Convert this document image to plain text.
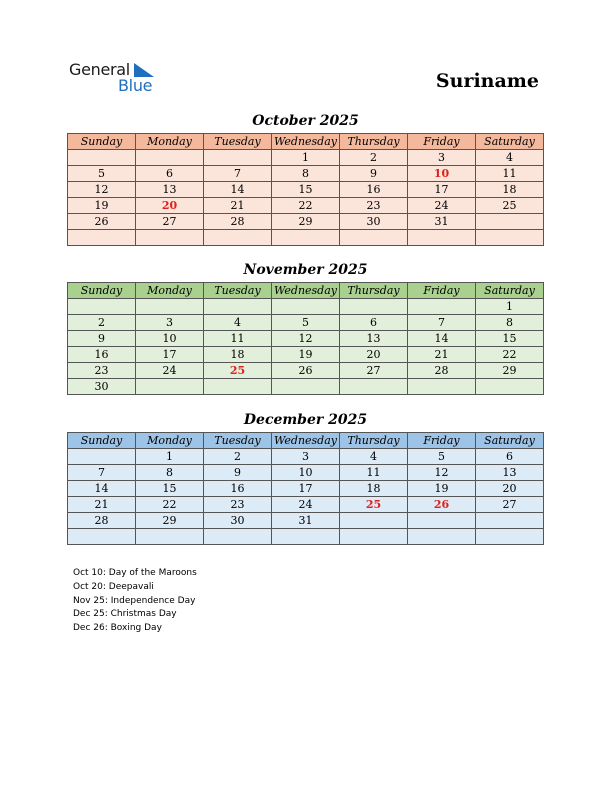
General
Blue	Suriname
October 2025
Sunday	Monday	Tuesday	Wednesday	Thursday	Friday	Saturday
			1	2	3	4
5	6	7	8	9	10	11
12	13	14	15	16	17	18
19	20	21	22	23	24	25
26	27	28	29	30	31	

November 2025
Sunday	Monday	Tuesday	Wednesday	Thursday	Friday	Saturday
						1
2	3	4	5	6	7	8
9	10	11	12	13	14	15
16	17	18	19	20	21	22
23	24	25	26	27	28	29
30						
December 2025
Sunday	Monday	Tuesday	Wednesday	Thursday	Friday	Saturday
	1	2	3	4	5	6
7	8	9	10	11	12	13
14	15	16	17	18	19	20
21	22	23	24	25	26	27
28	29	30	31			

Oct 10: Day of the Maroons
Oct 20: Deepavali
Nov 25: Independence Day
Dec 25: Christmas Day
Dec 26: Boxing Day
